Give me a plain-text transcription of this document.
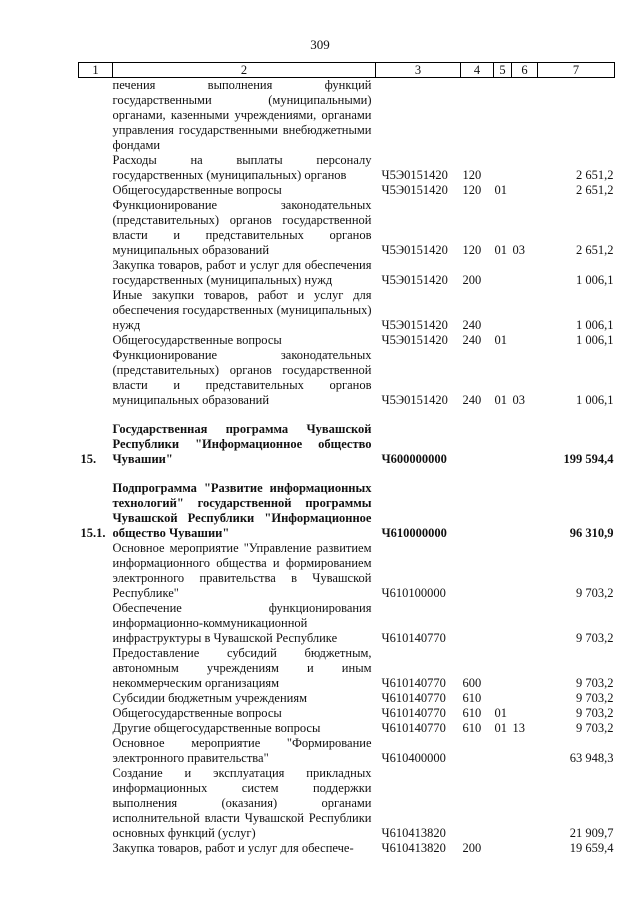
309
1	2	3	4	5	6	7
	печения выполнения функций государственными (муниципальными) органами, казенными учреждениями, органами управления государственными внебюджетными фондами					
	Расходы на выплаты персоналу государственных (муниципальных) органов	Ч5Э0151420	120			2 651,2
	Общегосударственные вопросы	Ч5Э0151420	120	01		2 651,2
	Функционирование законодательных (представительных) органов государственной власти и представительных органов муниципальных образований	Ч5Э0151420	120	01	03	2 651,2
	Закупка товаров, работ и услуг для обеспечения государственных (муниципальных) нужд	Ч5Э0151420	200			1 006,1
	Иные закупки товаров, работ и услуг для обеспечения государственных (муниципальных) нужд	Ч5Э0151420	240			1 006,1
	Общегосударственные вопросы	Ч5Э0151420	240	01		1 006,1
	Функционирование законодательных (представительных) органов государственной власти и представительных органов муниципальных образований	Ч5Э0151420	240	01	03	1 006,1

15.	Государственная программа Чувашской Республики "Информационное общество Чувашии"	Ч600000000				199 594,4

15.1.	Подпрограмма "Развитие информационных технологий" государственной программы Чувашской Республики "Информационное общество Чувашии"	Ч610000000				96 310,9
	Основное мероприятие "Управление развитием информационного общества и формированием электронного правительства в Чувашской Республике"	Ч610100000				9 703,2
	Обеспечение функционирования информационно-коммуникационной инфраструктуры в Чувашской Республике	Ч610140770				9 703,2
	Предоставление субсидий бюджетным, автономным учреждениям и иным некоммерческим организациям	Ч610140770	600			9 703,2
	Субсидии бюджетным учреждениям	Ч610140770	610			9 703,2
	Общегосударственные вопросы	Ч610140770	610	01		9 703,2
	Другие общегосударственные вопросы	Ч610140770	610	01	13	9 703,2
	Основное мероприятие "Формирование электронного правительства"	Ч610400000				63 948,3
	Создание и эксплуатация прикладных информационных систем поддержки выполнения (оказания) органами исполнительной власти Чувашской Республики основных функций (услуг)	Ч610413820				21 909,7
	Закупка товаров, работ и услуг для обеспече-	Ч610413820	200			19 659,4
